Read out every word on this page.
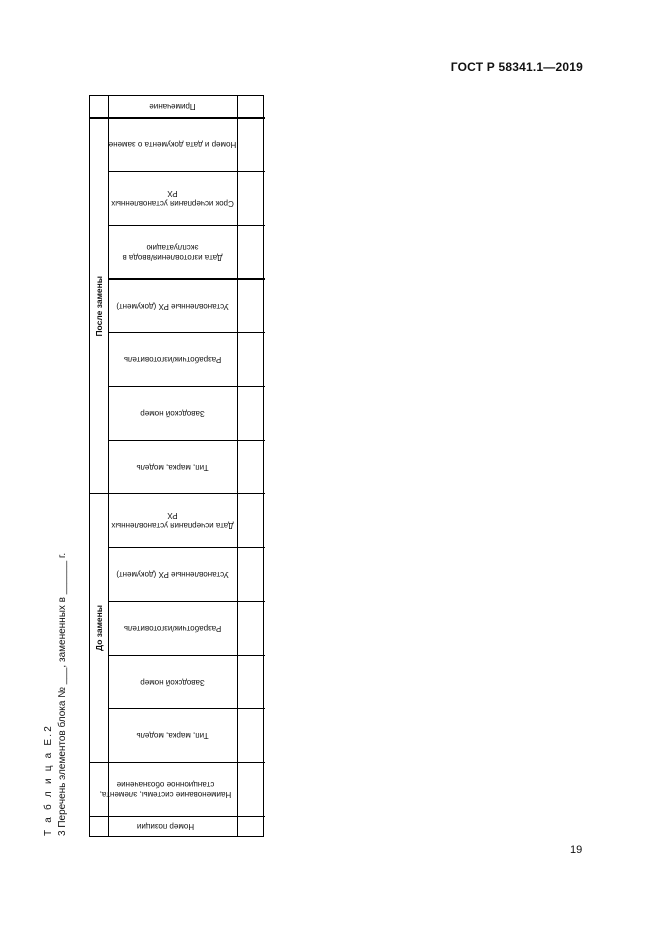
ГОСТ Р 58341.1—2019
Т а б л и ц а Е.2 3 Перечень элементов блока № ___, замененных в ______ г.
Примечание
После замены
Номер и дата документа о замене
Срок исчерпания установленных РХ
Дата изготовления/ввода в эксплуатацию
Установленные РХ (документ)
Разработчик/изготовитель
Заводской номер
Тип, марка, модель
До замены
Дата исчерпания установленных РХ
Установленные РХ (документ)
Разработчик/изготовитель
Заводской номер
Тип, марка, модель
Наименование системы, элемента, станционное обозначение
Номер позиции
19
